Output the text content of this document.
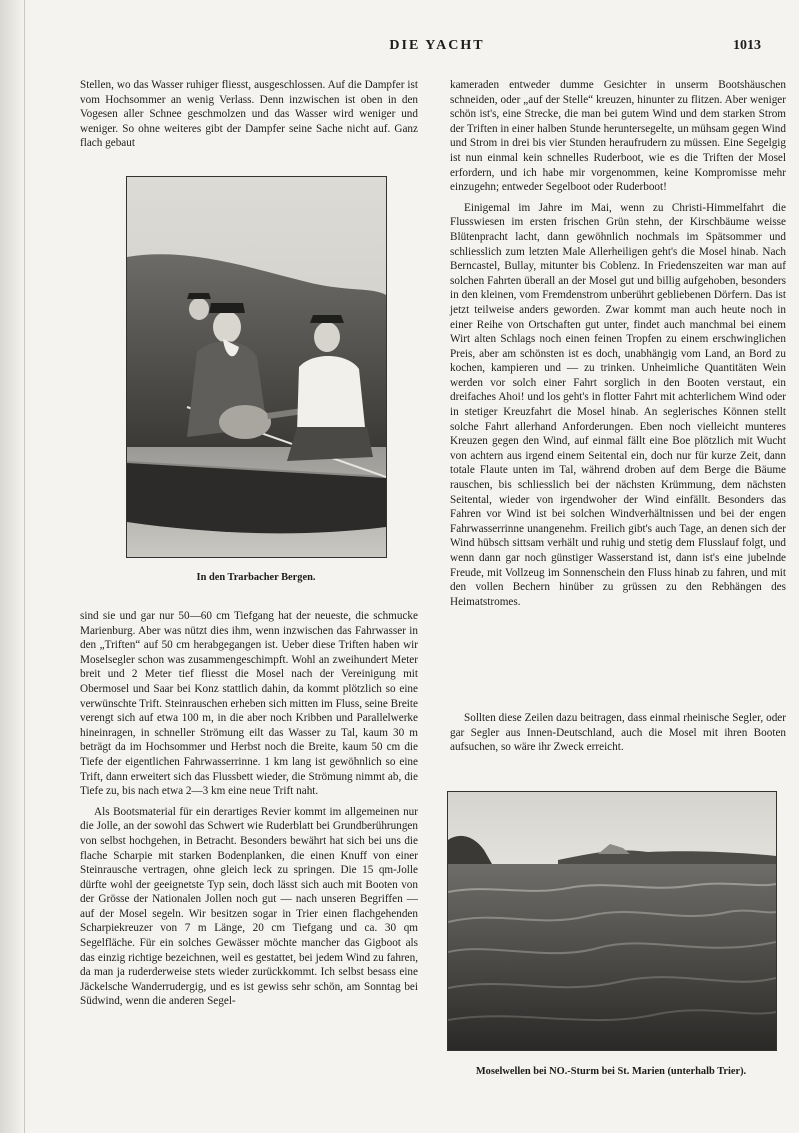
DIE YACHT	1013

Stellen, wo das Wasser ruhiger fliesst, ausgeschlossen. Auf die Dampfer ist vom Hochsommer an wenig Verlass. Denn inzwischen ist oben in den Vogesen aller Schnee geschmolzen und das Wasser wird weniger und weniger. So ohne weiteres gibt der Dampfer seine Sache nicht auf. Ganz flach gebaut

In den Trarbacher Bergen.

sind sie und gar nur 50—60 cm Tiefgang hat der neueste, die schmucke Marienburg. Aber was nützt dies ihm, wenn inzwischen das Fahrwasser in den „Triften“ auf 50 cm herabgegangen ist. Ueber diese Triften haben wir Moselsegler schon was zusammengeschimpft. Wohl an zweihundert Meter breit und 2 Meter tief fliesst die Mosel nach der Vereinigung mit Obermosel und Saar bei Konz stattlich dahin, da kommt plötzlich so eine verwünschte Trift. Steinrauschen erheben sich mitten im Fluss, seine Breite verengt sich auf etwa 100 m, in die aber noch Kribben und Parallelwerke hineinragen, in schneller Strömung eilt das Wasser zu Tal, kaum 30 m beträgt da im Hochsommer und Herbst noch die Breite, kaum 50 cm die Tiefe der eigentlichen Fahrwasserrinne. 1 km lang ist gewöhnlich so eine Trift, dann erweitert sich das Flussbett wieder, die Strömung nimmt ab, die Tiefe zu, bis nach etwa 2—3 km eine neue Trift naht.

Als Bootsmaterial für ein derartiges Revier kommt im allgemeinen nur die Jolle, an der sowohl das Schwert wie Ruderblatt bei Grundberührungen von selbst hochgehen, in Betracht. Besonders bewährt hat sich bei uns die flache Scharpie mit starken Bodenplanken, die einen Knuff von einer Steinrausche vertragen, ohne gleich leck zu springen. Die 15 qm-Jolle dürfte wohl der geeignetste Typ sein, doch lässt sich auch mit Booten von der Grösse der Nationalen Jollen noch gut — nach unseren Begriffen — auf der Mosel segeln. Wir besitzen sogar in Trier einen flachgehenden Scharpiekreuzer von 7 m Länge, 20 cm Tiefgang und ca. 30 qm Segelfläche. Für ein solches Gewässer möchte mancher das Gigboot als das einzig richtige bezeichnen, weil es gestattet, bei jedem Wind zu fahren, da man ja ruderderweise stets wieder zurückkommt. Ich selbst besass eine Jäckelsche Wanderrudergig, und es ist gewiss sehr schön, am Sonntag bei Südwind, wenn die anderen Segel-

kameraden entweder dumme Gesichter in unserm Bootshäuschen schneiden, oder „auf der Stelle“ kreuzen, hinunter zu flitzen. Aber weniger schön ist's, eine Strecke, die man bei gutem Wind und dem starken Strom der Triften in einer halben Stunde heruntersegelte, un mühsam gegen Wind und Strom in drei bis vier Stunden heraufrudern zu müssen. Eine Segelgig ist nun einmal kein schnelles Ruderboot, wie es die Triften der Mosel erfordern, und ich habe mir vorgenommen, keine Kompromisse mehr einzugehn; entweder Segelboot oder Ruderboot!

Einigemal im Jahre im Mai, wenn zu Christi-Himmelfahrt die Flusswiesen im ersten frischen Grün stehn, der Kirschbäume weisse Blütenpracht lacht, dann gewöhnlich nochmals im Spätsommer und schliesslich zum letzten Male Allerheiligen geht's die Mosel hinab. Nach Berncastel, Bullay, mitunter bis Coblenz. In Friedenszeiten war man auf solchen Fahrten überall an der Mosel gut und billig aufgehoben, besonders in den kleinen, vom Fremdenstrom unberührt gebliebenen Dörfern. Das ist jetzt teilweise anders geworden. Zwar kommt man auch heute noch in einer Reihe von Ortschaften gut unter, findet auch manchmal bei einem Wirt alten Schlags noch einen feinen Tropfen zu einem erschwinglichen Preis, aber am schönsten ist es doch, unabhängig vom Land, an Bord zu kochen, kampieren und — zu trinken. Unheimliche Quantitäten Wein werden vor solch einer Fahrt sorglich in den Booten verstaut, ein dreifaches Ahoi! und los geht's in flotter Fahrt mit achterlichem Wind oder in stetiger Kreuzfahrt die Mosel hinab. An seglerisches Können stellt solche Fahrt allerhand Anforderungen. Eben noch vielleicht munteres Kreuzen gegen den Wind, auf einmal fällt eine Boe plötzlich mit Wucht von achtern aus irgend einem Seitental ein, doch nur für kurze Zeit, dann totale Flaute unten im Tal, während droben auf dem Berge die Bäume rauschen, bis schliesslich bei der nächsten Krümmung, dem nächsten Seitental, wieder von irgendwoher der Wind einfällt. Besonders das Fahren vor Wind ist bei solchen Windverhältnissen und bei der engen Fahrwasserrinne unangenehm. Freilich gibt's auch Tage, an denen sich der Wind hübsch sittsam verhält und ruhig und stetig dem Flusslauf folgt, und wenn dann gar noch günstiger Wasserstand ist, dann ist's eine jubelnde Freude, mit Vollzeug im Sonnenschein den Fluss hinab zu fahren, und mit den vollen Bechern hinüber zu grüssen zu den Rebhängen des Heimatstromes.

Sollten diese Zeilen dazu beitragen, dass einmal rheinische Segler, oder gar Segler aus Innen-Deutschland, auch die Mosel mit ihren Booten aufsuchen, so wäre ihr Zweck erreicht.

Moselwellen bei NO.-Sturm bei St. Marien (unterhalb Trier).
